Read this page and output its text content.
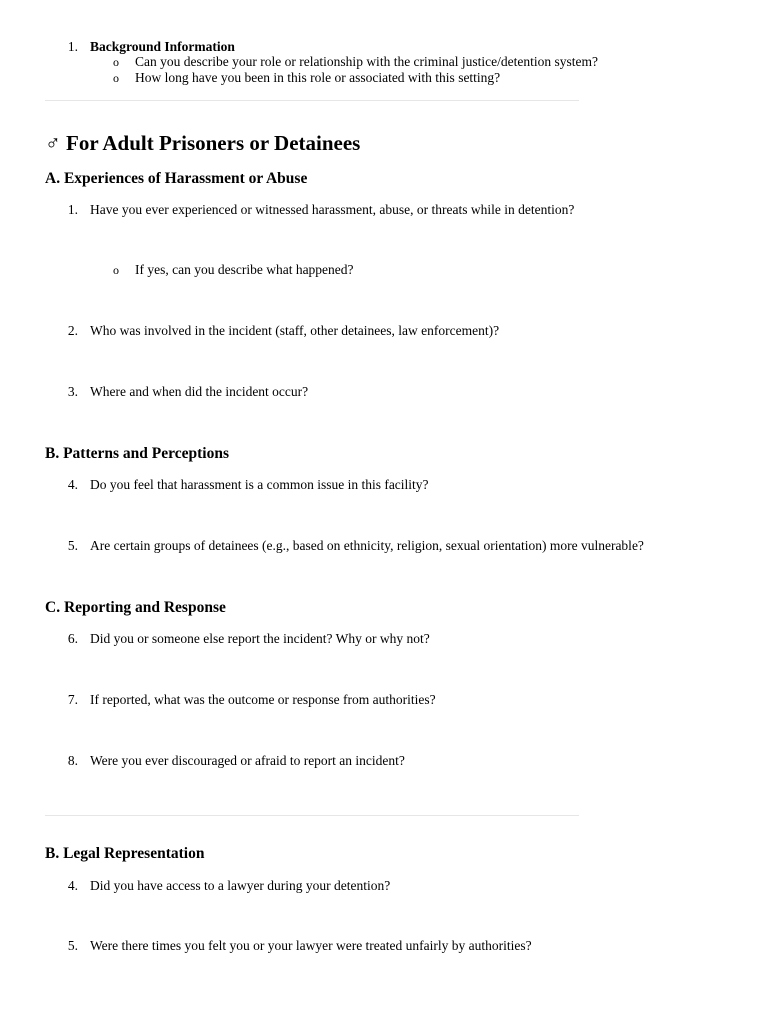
1. Background Information
o Can you describe your role or relationship with the criminal justice/detention system?
o How long have you been in this role or associated with this setting?
♂ For Adult Prisoners or Detainees
A. Experiences of Harassment or Abuse
1. Have you ever experienced or witnessed harassment, abuse, or threats while in detention?
o If yes, can you describe what happened?
2. Who was involved in the incident (staff, other detainees, law enforcement)?
3. Where and when did the incident occur?
B. Patterns and Perceptions
4. Do you feel that harassment is a common issue in this facility?
5. Are certain groups of detainees (e.g., based on ethnicity, religion, sexual orientation) more vulnerable?
C. Reporting and Response
6. Did you or someone else report the incident? Why or why not?
7. If reported, what was the outcome or response from authorities?
8. Were you ever discouraged or afraid to report an incident?
B. Legal Representation
4. Did you have access to a lawyer during your detention?
5. Were there times you felt you or your lawyer were treated unfairly by authorities?
